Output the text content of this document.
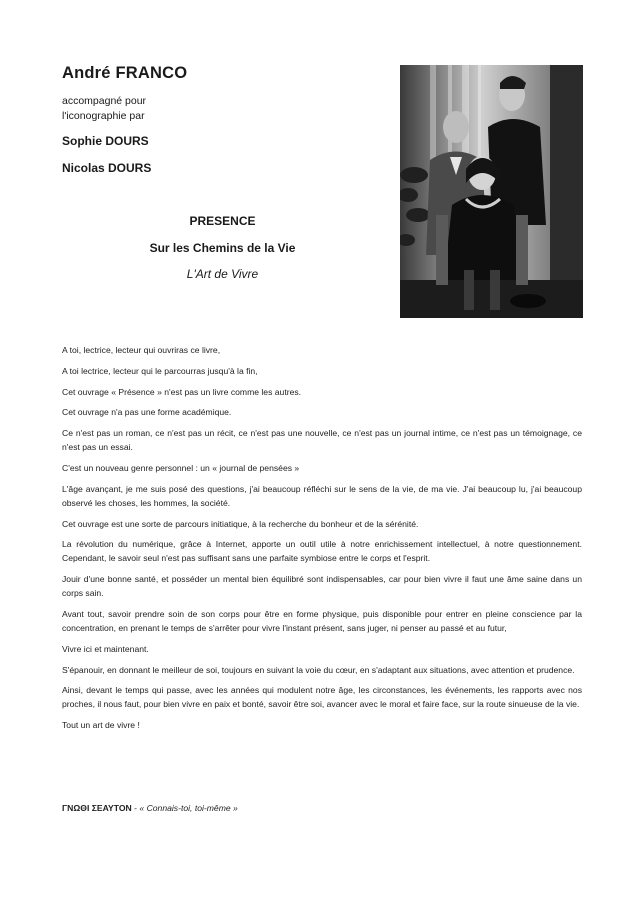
André FRANCO
accompagné pour
l'iconographie par
Sophie DOURS
Nicolas DOURS
PRESENCE
Sur les Chemins de la Vie
L'Art de Vivre

A toi, lectrice, lecteur qui ouvriras ce livre,

A toi lectrice, lecteur qui le parcourras jusqu'à la fin,

Cet ouvrage « Présence » n'est pas un livre comme les autres.

Cet ouvrage n'a pas une forme académique.

Ce n'est pas un roman, ce n'est pas un récit, ce n'est pas une nouvelle, ce n'est pas un journal intime, ce n'est pas un témoignage, ce n'est pas un essai.

C'est un nouveau genre personnel : un « journal de pensées »

L'âge avançant, je me suis posé des questions, j'ai beaucoup réfléchi sur le sens de la vie, de ma vie. J'ai beaucoup lu, j'ai beaucoup observé les choses, les hommes, la société.

Cet ouvrage est une sorte de parcours initiatique, à la recherche du bonheur et de la sérénité.

La révolution du numérique, grâce à Internet, apporte un outil utile à notre enrichissement intellectuel, à notre questionnement. Cependant, le savoir seul n'est pas suffisant sans une parfaite symbiose entre le corps et l'esprit.

Jouir d'une bonne santé, et posséder un mental bien équilibré sont indispensables, car pour bien vivre il faut une âme saine dans un corps sain.

Avant tout, savoir prendre soin de son corps pour être en forme physique, puis disponible pour entrer en pleine conscience par la concentration, en prenant le temps de s'arrêter pour vivre l'instant présent, sans juger, ni penser au passé et au futur,

Vivre ici et maintenant.

S'épanouir, en donnant le meilleur de soi, toujours en suivant la voie du cœur, en s'adaptant aux situations, avec attention et prudence.

Ainsi, devant le temps qui passe, avec les années qui modulent notre âge, les circonstances, les événements, les rapports avec nos proches, il nous faut, pour bien vivre en paix et bonté, savoir être soi, avancer avec le moral et faire face, sur la route sinueuse de la vie.

Tout un art de vivre !

ΓΝΩΘΙ ΣΕΑΥΤΟΝ - « Connais-toi, toi-même »
